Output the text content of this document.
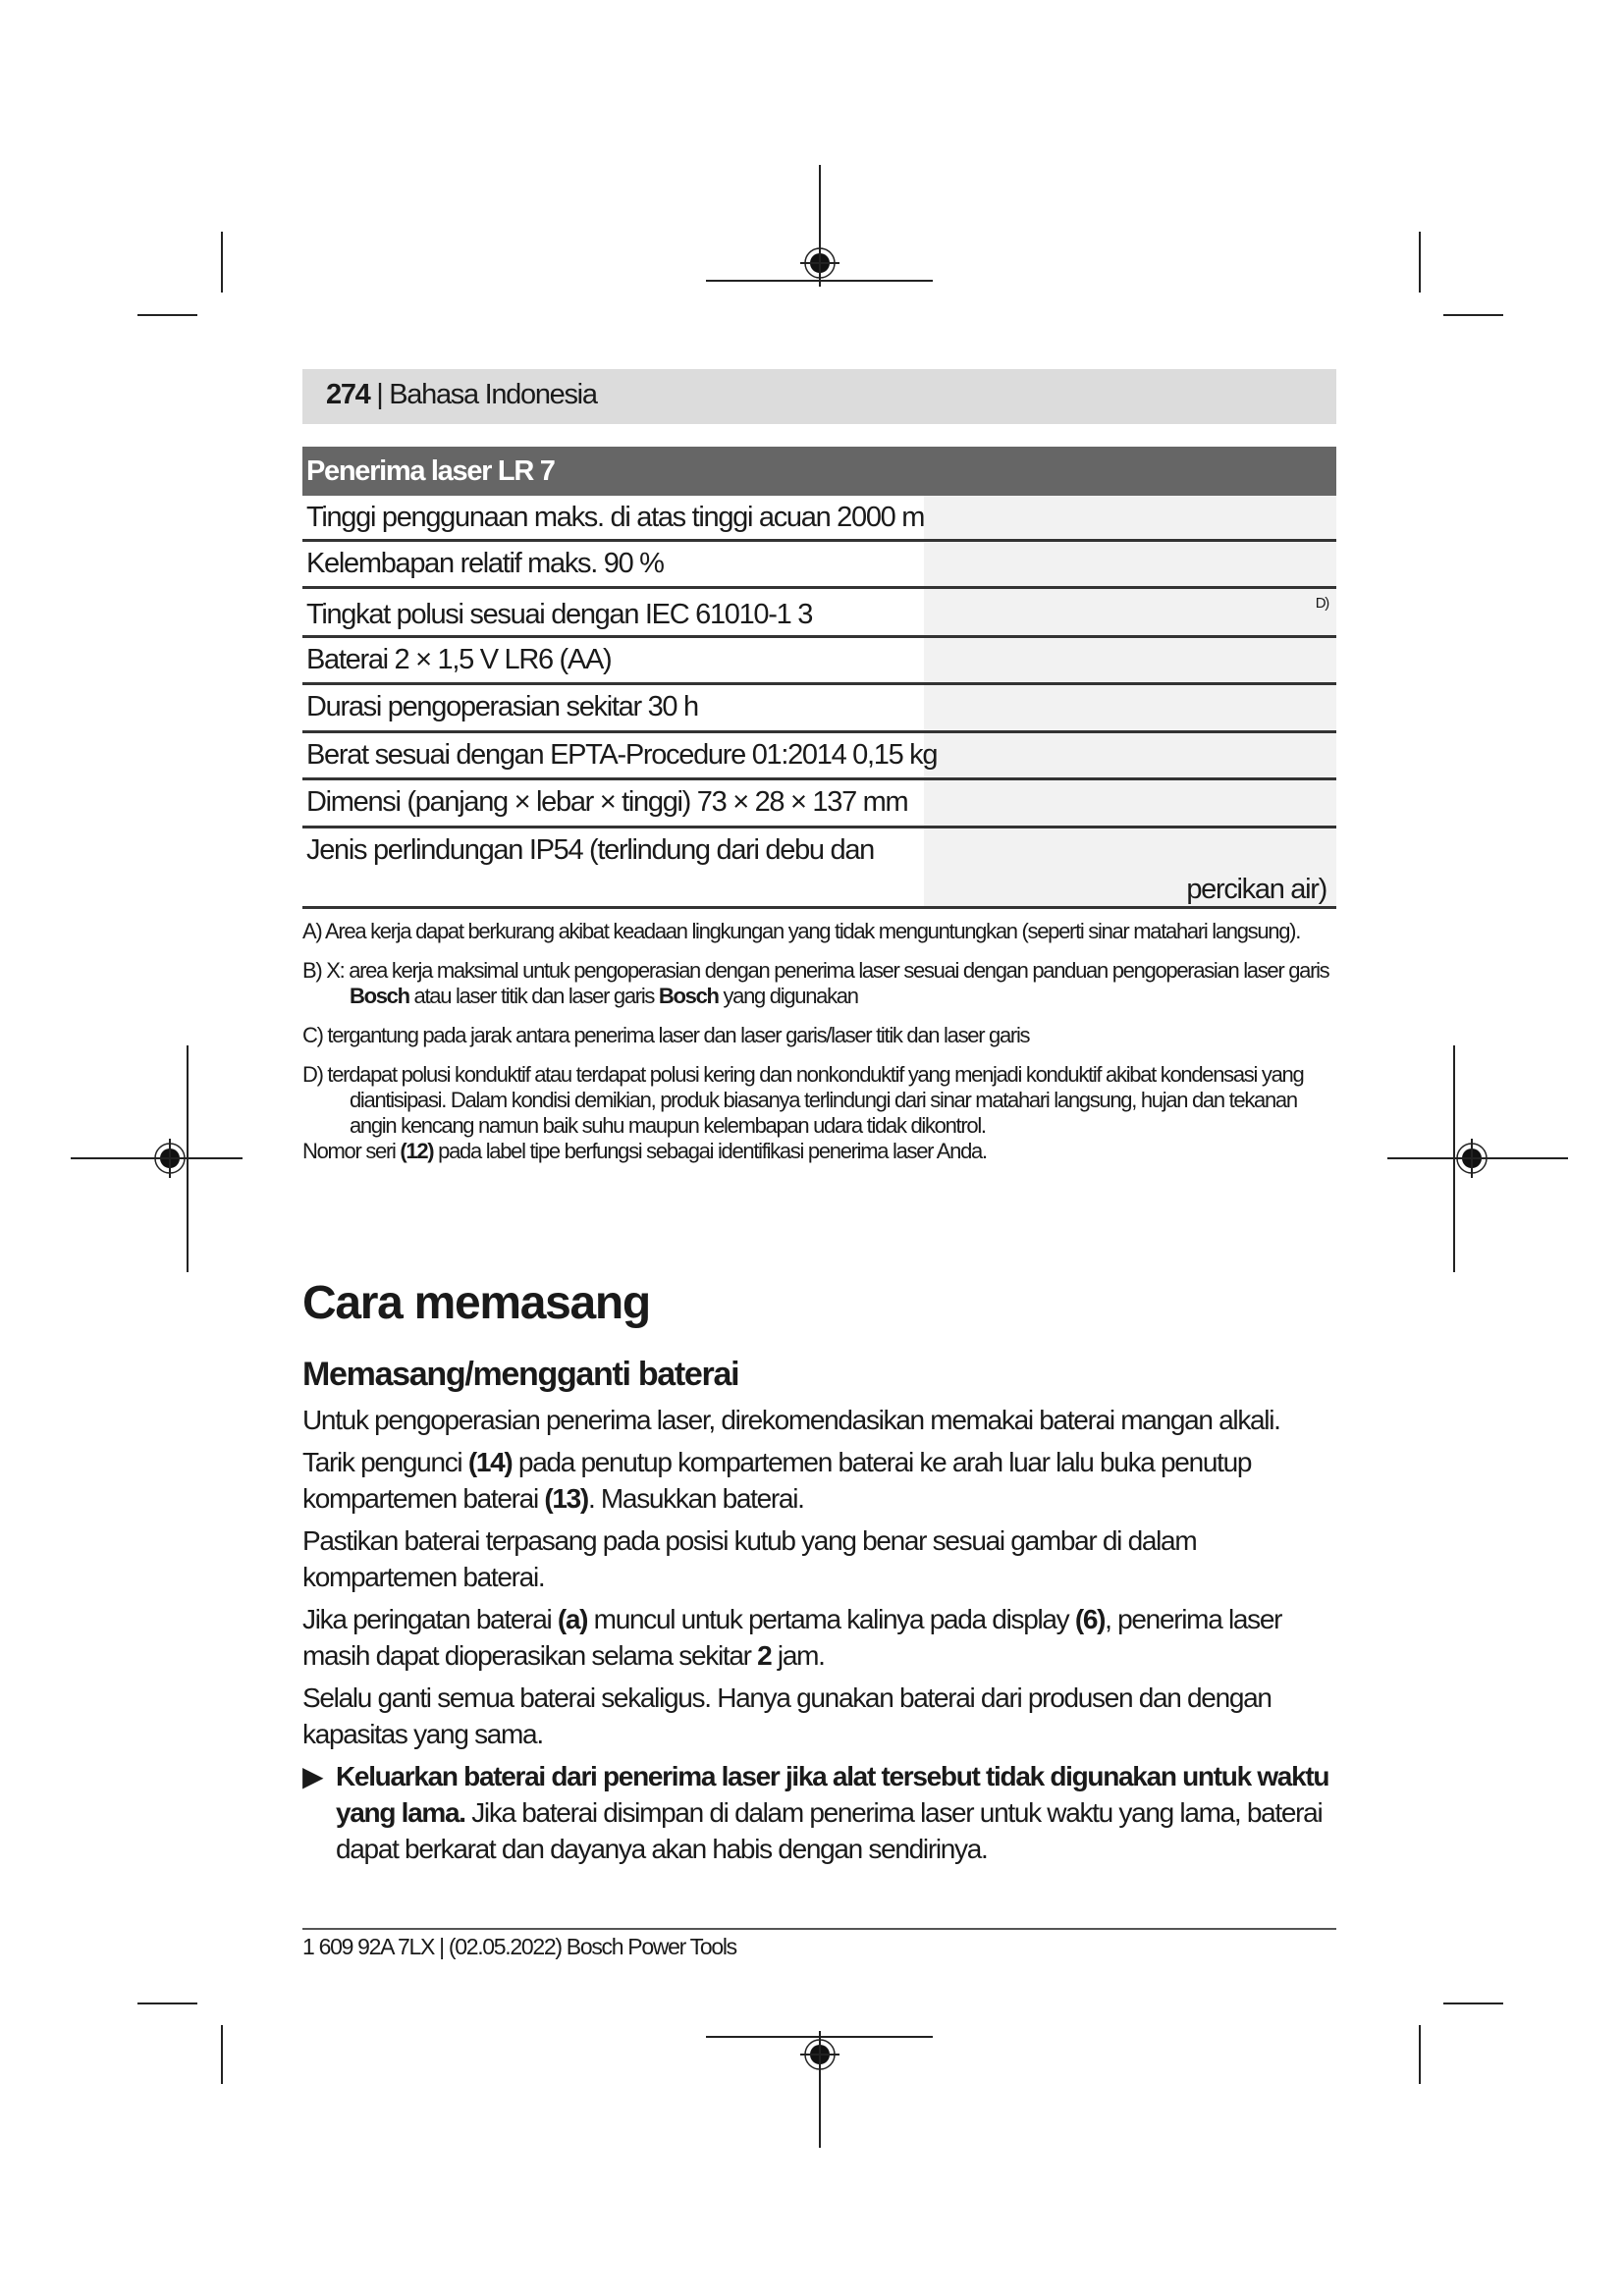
274 | Bahasa Indonesia
Penerima laser LR 7
Tinggi penggunaan maks. di atas tinggi acuan 2000 m
Kelembapan relatif maks. 90 %
Tingkat polusi sesuai dengan IEC 61010-1 3	D)
Baterai 2 × 1,5 V LR6 (AA)
Durasi pengoperasian sekitar 30 h
Berat sesuai dengan EPTA-Procedure 01:2014 0,15 kg
Dimensi (panjang × lebar × tinggi) 73 × 28 × 137 mm
Jenis perlindungan IP54 (terlindung dari debu dan
percikan air)
A) Area kerja dapat berkurang akibat keadaan lingkungan yang tidak menguntungkan (seperti sinar matahari langsung).
B) X: area kerja maksimal untuk pengoperasian dengan penerima laser sesuai dengan panduan pengoperasian laser garis Bosch atau laser titik dan laser garis Bosch yang digunakan
C) tergantung pada jarak antara penerima laser dan laser garis/laser titik dan laser garis
D) terdapat polusi konduktif atau terdapat polusi kering dan nonkonduktif yang menjadi konduktif akibat kondensasi yang diantisipasi. Dalam kondisi demikian, produk biasanya terlindungi dari sinar matahari langsung, hujan dan tekanan angin kencang namun baik suhu maupun kelembapan udara tidak dikontrol.
Nomor seri (12) pada label tipe berfungsi sebagai identifikasi penerima laser Anda.
Cara memasang
Memasang/mengganti baterai

Untuk pengoperasian penerima laser, direkomendasikan memakai baterai mangan alkali.

Tarik pengunci (14) pada penutup kompartemen baterai ke arah luar lalu buka penutup kompartemen baterai (13). Masukkan baterai.

Pastikan baterai terpasang pada posisi kutub yang benar sesuai gambar di dalam kompartemen baterai.

Jika peringatan baterai (a) muncul untuk pertama kalinya pada display (6), penerima laser masih dapat dioperasikan selama sekitar 2 jam.

Selalu ganti semua baterai sekaligus. Hanya gunakan baterai dari produsen dan dengan kapasitas yang sama.

▶ Keluarkan baterai dari penerima laser jika alat tersebut tidak digunakan untuk waktu yang lama. Jika baterai disimpan di dalam penerima laser untuk waktu yang lama, baterai dapat berkarat dan dayanya akan habis dengan sendirinya.
1 609 92A 7LX | (02.05.2022) Bosch Power Tools
